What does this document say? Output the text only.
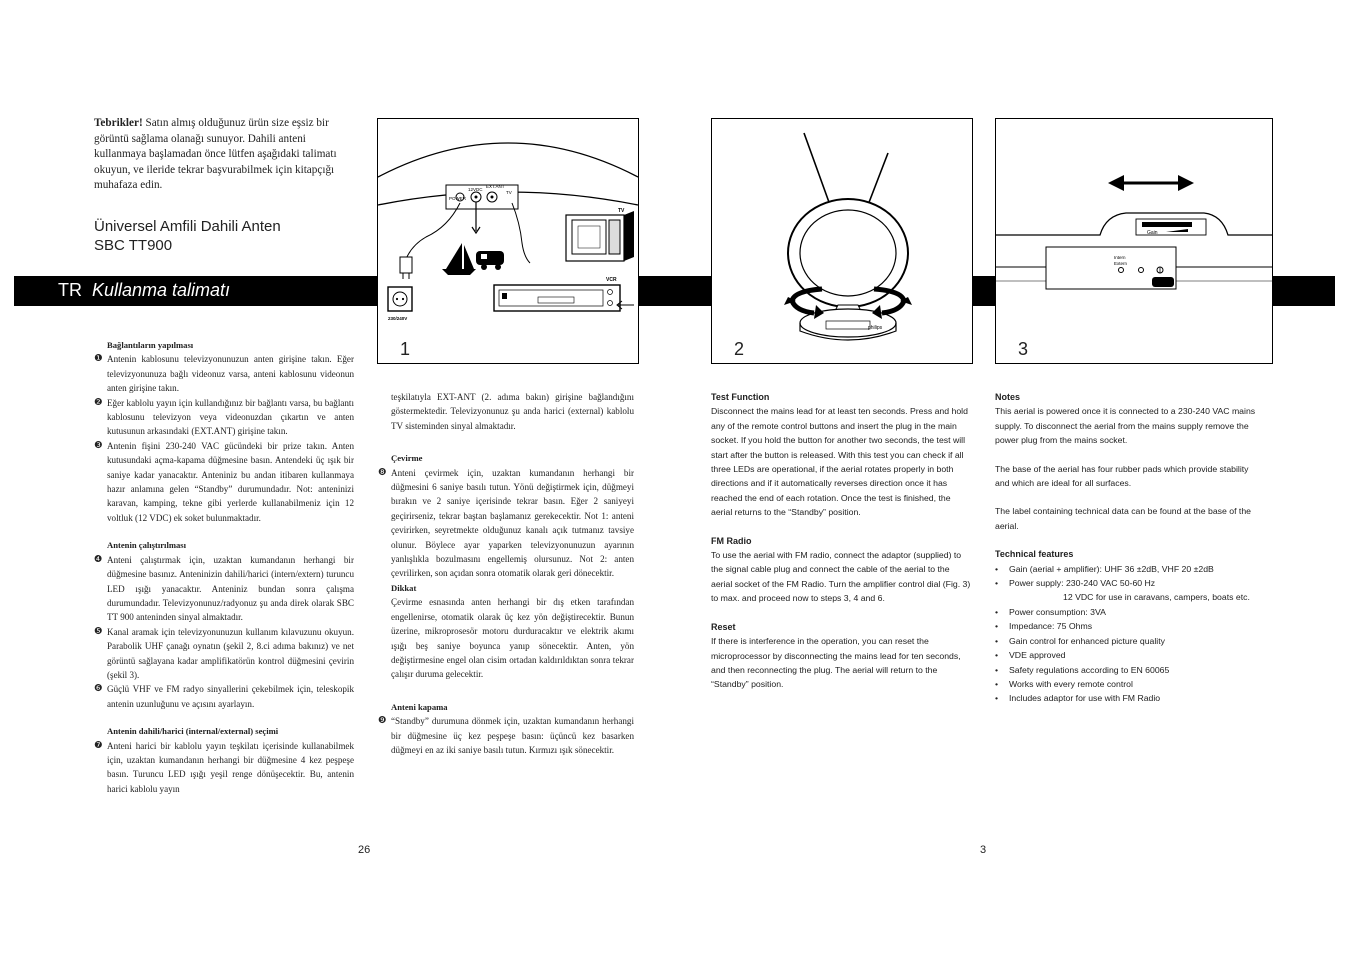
Tebrikler! Satın almış olduğunuz ürün size eşsiz bir görüntü sağlama olanağı sunuyor. Dahili anteni kullanmaya başlamadan önce lütfen aşağıdaki talimatı okuyun, ve ileride tekrar başvurabilmek için kitapçığı muhafaza edin.
Üniversel Amfili Dahili Anten
SBC TT900
TR Kullanma talimatı
POWER
12VDC
EXT.ANT
TV
TV
VCR
230/240V
1
philips
2
Gain
Intern
Extern
3

Bağlantıların yapılması

❶ Antenin kablosunu televizyonunuzun anten girişine takın. Eğer televizyonunuza bağlı videonuz varsa, anteni kablosunu videonun anten girişine takın.
❷ Eğer kablolu yayın için kullandığınız bir bağlantı varsa, bu bağlantı kablosunu televizyon veya videonuzdan çıkartın ve anten kutusunun arkasındaki (EXT.ANT) girişine takın.
❸ Antenin fişini 230-240 VAC gücündeki bir prize takın. Anten kutusundaki açma-kapama düğmesine basın. Antendeki üç ışık bir saniye kadar yanacaktır. Anteniniz bu andan itibaren kullanmaya hazır anlamına gelen “Standby” durumundadır. Not: anteninizi karavan, kamping, tekne gibi yerlerde kullanabilmeniz için 12 voltluk (12 VDC) ek soket bulunmaktadır.

Antenin çalıştırılması

❹ Anteni çalıştırmak için, uzaktan kumandanın herhangi bir düğmesine basınız. Anteninizin dahili/harici (intern/extern) turuncu LED ışığı yanacaktır. Anteniniz bundan sonra çalışma durumundadır. Televizyonunuz/radyonuz şu anda direk olarak SBC TT 900 anteninden sinyal almaktadır.
❺ Kanal aramak için televizyonunuzun kullanım kılavuzunu okuyun. Parabolik UHF çanağı oynatın (şekil 2, 8.ci adıma bakınız) ve net görüntü sağlayana kadar amplifikatörün kontrol düğmesini çevirin (şekil 3).
❻ Güçlü VHF ve FM radyo sinyallerini çekebilmek için, teleskopik antenin uzunluğunu ve açısını ayarlayın.

Antenin dahili/harici (internal/external) seçimi

❼ Anteni harici bir kablolu yayın teşkilatı içerisinde kullanabilmek için, uzaktan kumandanın herhangi bir düğmesine 4 kez peşpeşe basın. Turuncu LED ışığı yeşil renge dönüşecektir. Bu, antenin harici kablolu yayın

teşkilatıyla EXT-ANT (2. adıma bakın) girişine bağlandığını göstermektedir. Televizyonunuz şu anda harici (external) kablolu TV sisteminden sinyal almaktadır.

Çevirme

❽ Anteni çevirmek için, uzaktan kumandanın herhangi bir düğmesini 6 saniye basılı tutun. Yönü değiştirmek için, düğmeyi bırakın ve 2 saniye içerisinde tekrar basın. Eğer 2 saniyeyi geçirirseniz, tekrar baştan başlamanız gerekecektir. Not 1: anteni çevirirken, seyretmekte olduğunuz kanalı açık tutmanız tavsiye olunur. Böylece ayar yaparken televizyonunuzun ayarının yanlışlıkla bozulmasını engellemiş olursunuz. Not 2: anten çevrilirken, son açıdan sonra otomatik olarak geri dönecektir.

Dikkat

Çevirme esnasında anten herhangi bir dış etken tarafından engellenirse, otomatik olarak üç kez yön değiştirecektir. Bunun üzerine, mikroprosesör motoru durduracaktır ve elektrik akımı ışığı beş saniye boyunca yanıp sönecektir. Anten, yön değiştirmesine engel olan cisim ortadan kaldırıldıktan sonra tekrar çalışır duruma gelecektir.

Anteni kapama

❾ “Standby” durumuna dönmek için, uzaktan kumandanın herhangi bir düğmesine üç kez peşpeşe basın: üçüncü kez basarken düğmeyi en az iki saniye basılı tutun. Kırmızı ışık sönecektir.

Test Function

Disconnect the mains lead for at least ten seconds. Press and hold any of the remote control buttons and insert the plug in the main socket. If you hold the button for another two seconds, the test will start after the button is released. With this test you can check if all three LEDs are operational, if the aerial rotates properly in both directions and if it automatically reverses direction once it has reached the end of each rotation. Once the test is finished, the aerial returns to the “Standby” position.

FM Radio

To use the aerial with FM radio, connect the adaptor (supplied) to the signal cable plug and connect the cable of the aerial to the aerial socket of the FM Radio. Turn the amplifier control dial (Fig. 3) to max. and proceed now to steps 3, 4 and 6.

Reset

If there is interference in the operation, you can reset the microprocessor by disconnecting the mains lead for ten seconds, and then reconnecting the plug. The aerial will return to the “Standby” position.

Notes

This aerial is powered once it is connected to a 230-240 VAC mains supply. To disconnect the aerial from the mains supply remove the power plug from the mains socket.

The base of the aerial has four rubber pads which provide stability and which are ideal for all surfaces.

The label containing technical data can be found at the base of the aerial.

Technical features

• Gain (aerial + amplifier): UHF 36 ±2dB, VHF 20 ±2dB
• Power supply: 230-240 VAC 50-60 Hz
12 VDC for use in caravans, campers, boats etc.
• Power consumption: 3VA
• Impedance: 75 Ohms
• Gain control for enhanced picture quality
• VDE approved
• Safety regulations according to EN 60065
• Works with every remote control
• Includes adaptor for use with FM Radio
26	3
